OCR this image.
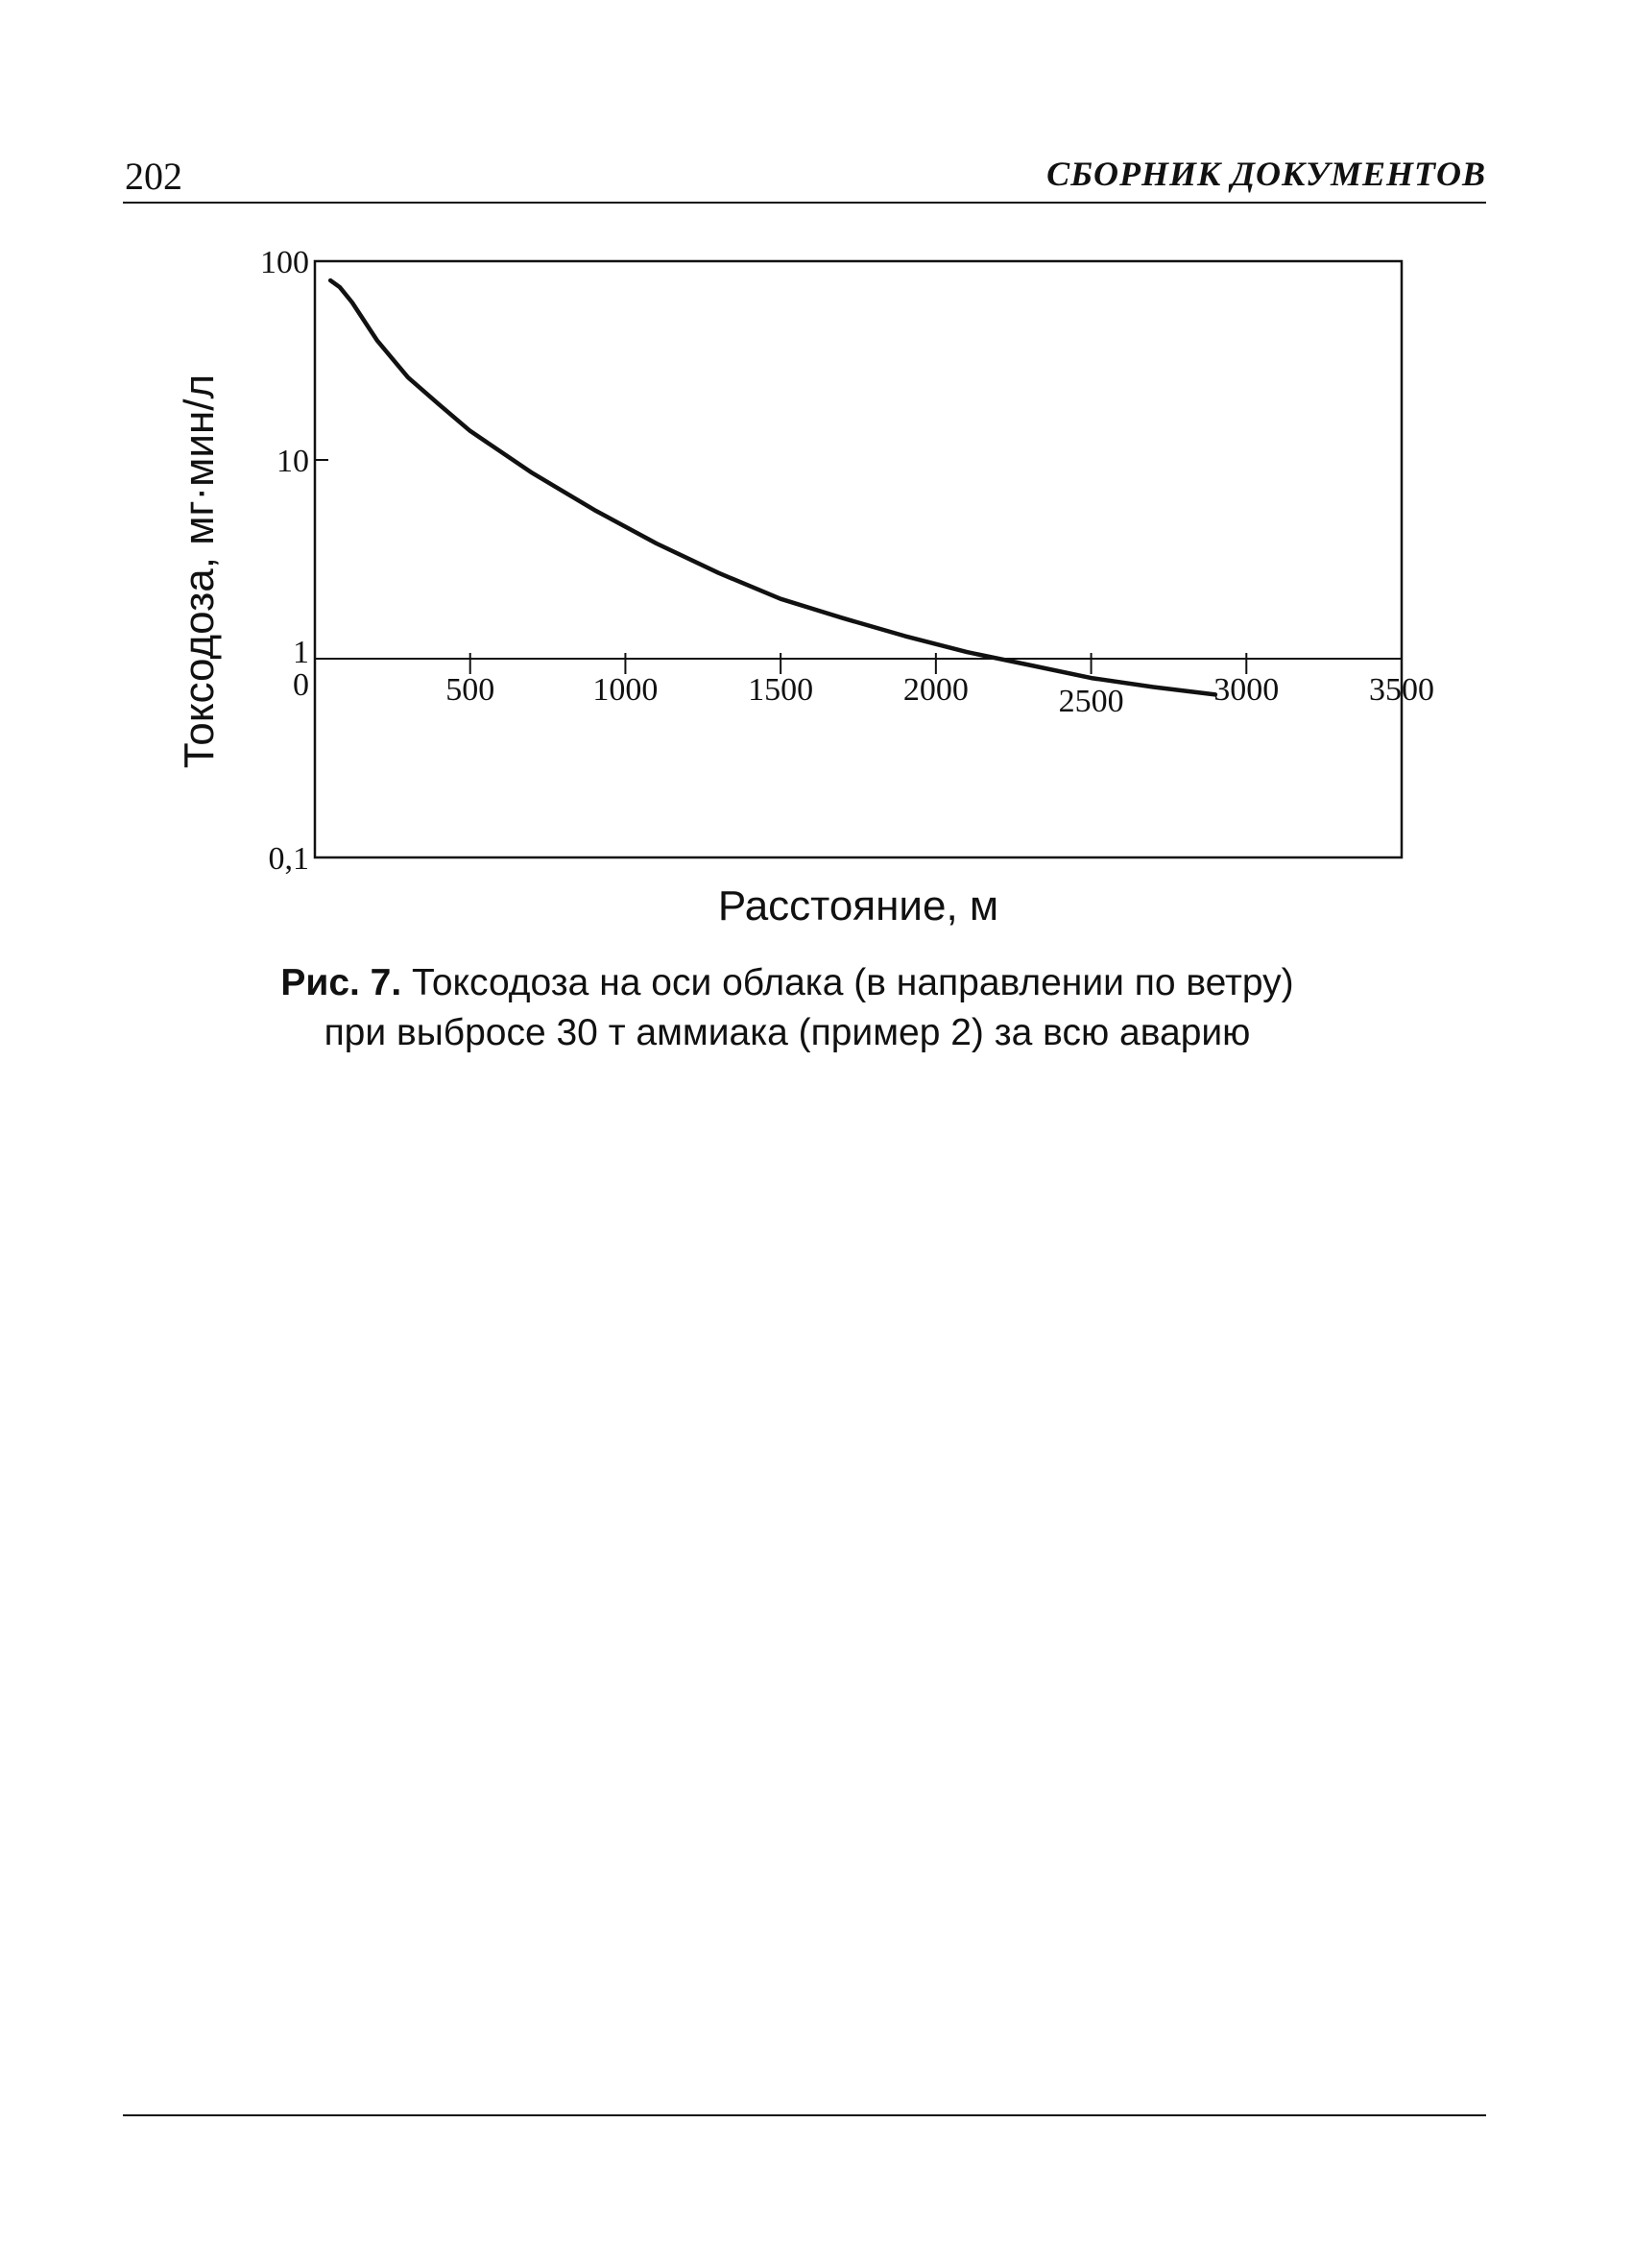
202	СБОРНИК ДОКУМЕНТОВ
100
10
1
0,1
0	500	1000	1500	2000	2500	3000	3500
Токсодоза, мг·мин/л
Расстояние, м
Рис. 7. Токсодоза на оси облака (в направлении по ветру)
при выбросе 30 т аммиака (пример 2) за всю аварию
